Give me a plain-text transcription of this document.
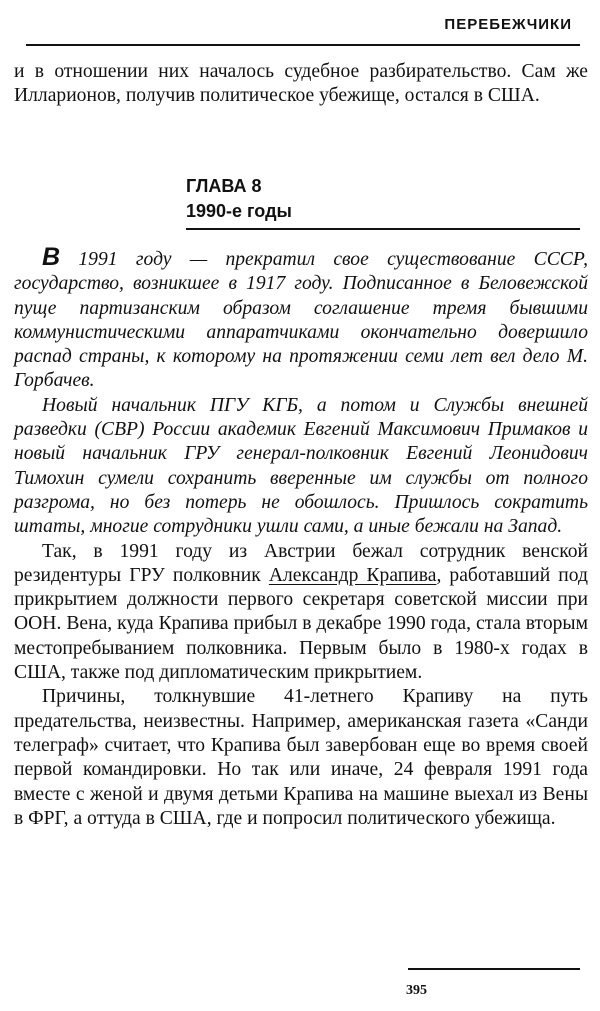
ПЕРЕБЕЖЧИКИ

и в отношении них началось судебное разбирательство. Сам же Илларионов, получив политическое убежище, остался в США.

ГЛАВА 8
1990-е годы

В 1991 году — прекратил свое существование СССР, государство, возникшее в 1917 году. Подписанное в Беловежской пуще партизанским образом соглашение тремя бывшими коммунистическими аппаратчиками окончательно довершило распад страны, к которому на протяжении семи лет вел дело М. Горбачев.

Новый начальник ПГУ КГБ, а потом и Службы внешней разведки (СВР) России академик Евгений Максимович Примаков и новый начальник ГРУ генерал-полковник Евгений Леонидович Тимохин сумели сохранить вверенные им службы от полного разгрома, но без потерь не обошлось. Пришлось сократить штаты, многие сотрудники ушли сами, а иные бежали на Запад.

Так, в 1991 году из Австрии бежал сотрудник венской резидентуры ГРУ полковник Александр Крапива, работавший под прикрытием должности первого секретаря советской миссии при ООН. Вена, куда Крапива прибыл в декабре 1990 года, стала вторым местопребыванием полковника. Первым было в 1980-х годах в США, также под дипломатическим прикрытием.

Причины, толкнувшие 41-летнего Крапиву на путь предательства, неизвестны. Например, американская газета «Санди телеграф» считает, что Крапива был завербован еще во время своей первой командировки. Но так или иначе, 24 февраля 1991 года вместе с женой и двумя детьми Крапива на машине выехал из Вены в ФРГ, а оттуда в США, где и попросил политического убежища.

395
